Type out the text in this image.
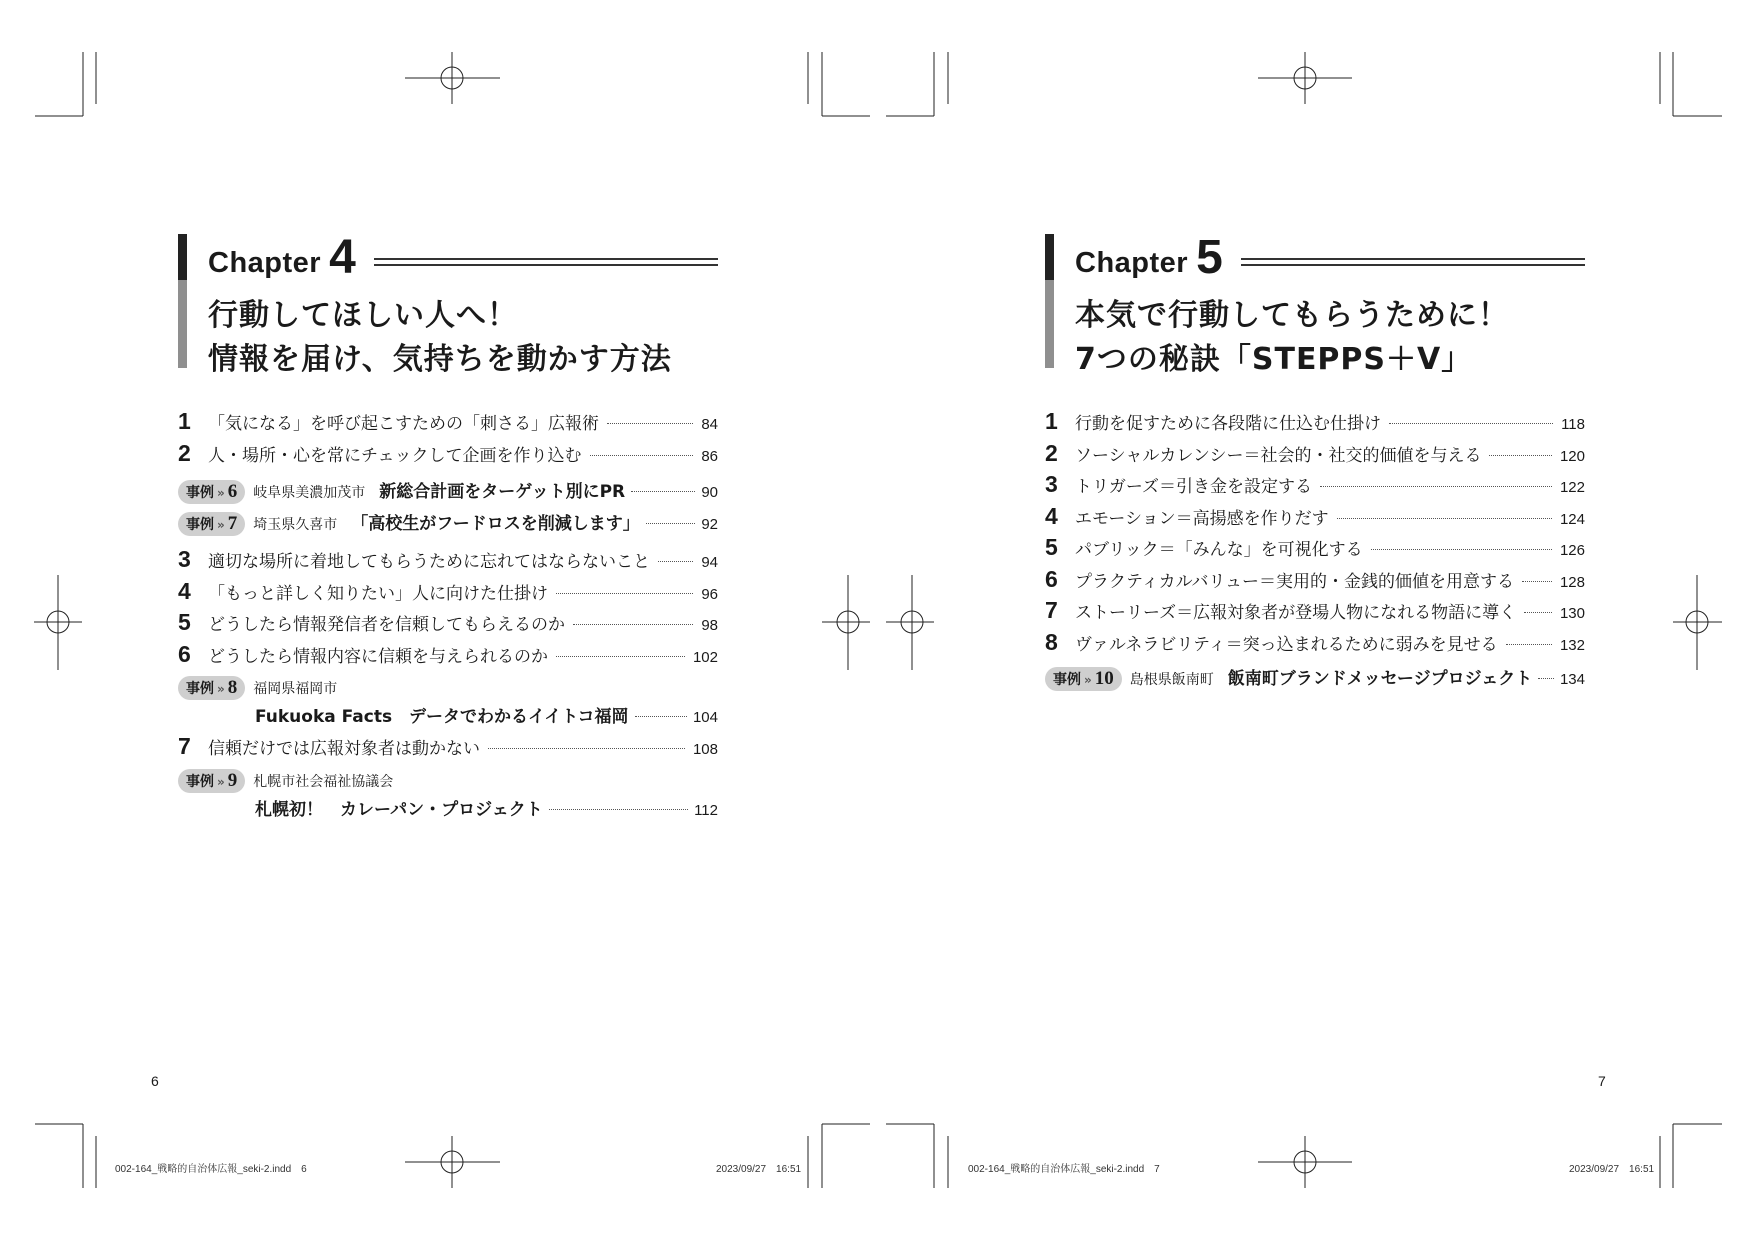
Chapter 4
行動してほしい人へ！
情報を届け、気持ちを動かす方法
1	「気になる」を呼び起こすための「刺さる」広報術	84
2	人・場所・心を常にチェックして企画を作り込む	86
事例 » 6 岐阜県美濃加茂市 新総合計画をターゲット別にPR	90
事例 » 7 埼玉県久喜市 「高校生がフードロスを削減します」	92
3	適切な場所に着地してもらうために忘れてはならないこと	94
4	「もっと詳しく知りたい」人に向けた仕掛け	96
5	どうしたら情報発信者を信頼してもらえるのか	98
6	どうしたら情報内容に信頼を与えられるのか	102
事例 » 8 福岡県福岡市
Fukuoka Facts　データでわかるイイトコ福岡	104
7	信頼だけでは広報対象者は動かない	108
事例 » 9 札幌市社会福祉協議会
札幌初！　カレーパン・プロジェクト	112
Chapter 5
本気で行動してもらうために！
7つの秘訣「STEPPS＋V」
1	行動を促すために各段階に仕込む仕掛け	118
2	ソーシャルカレンシー＝社会的・社交的価値を与える	120
3	トリガーズ＝引き金を設定する	122
4	エモーション＝高揚感を作りだす	124
5	パブリック＝「みんな」を可視化する	126
6	プラクティカルバリュー＝実用的・金銭的価値を用意する	128
7	ストーリーズ＝広報対象者が登場人物になれる物語に導く	130
8	ヴァルネラビリティ＝突っ込まれるために弱みを見せる	132
事例 » 10 島根県飯南町 飯南町ブランドメッセージプロジェクト 134
6	7
002-164_戦略的自治体広報_seki-2.indd　6	2023/09/27　16:51	002-164_戦略的自治体広報_seki-2.indd　7	2023/09/27　16:51
